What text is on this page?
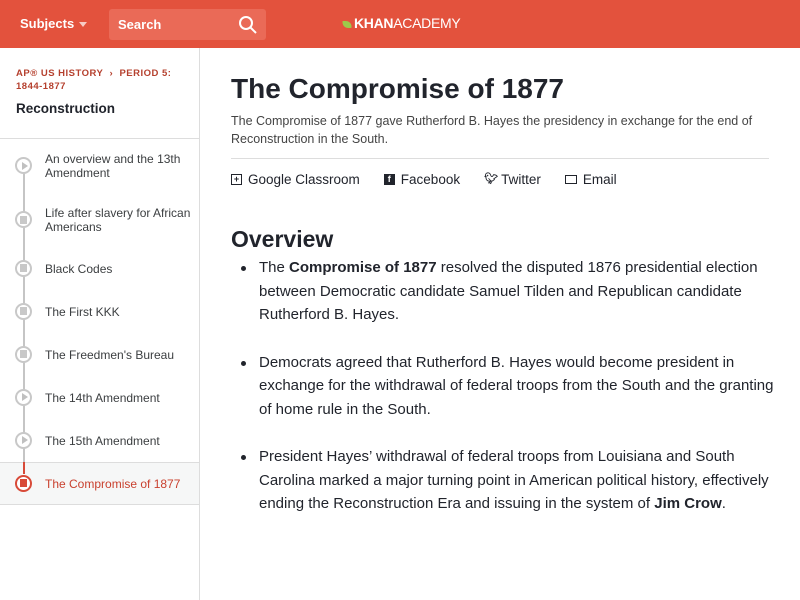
Subjects	Search	KHANACADEMY
AP® US HISTORY  ›  PERIOD 5: 1844-1877
Reconstruction
An overview and the 13th Amendment
Life after slavery for African Americans
Black Codes
The First KKK
The Freedmen's Bureau
The 14th Amendment
The 15th Amendment
The Compromise of 1877
The Compromise of 1877
The Compromise of 1877 gave Rutherford B. Hayes the presidency in exchange for the end of Reconstruction in the South.
+ Google Classroom	f Facebook 🐦︎ Twitter	Email
Overview
The Compromise of 1877 resolved the disputed 1876 presidential election between Democratic candidate Samuel Tilden and Republican candidate Rutherford B. Hayes.
Democrats agreed that Rutherford B. Hayes would become president in exchange for the withdrawal of federal troops from the South and the granting of home rule in the South.
President Hayes’ withdrawal of federal troops from Louisiana and South Carolina marked a major turning point in American political history, effectively ending the Reconstruction Era and issuing in the system of Jim Crow.
